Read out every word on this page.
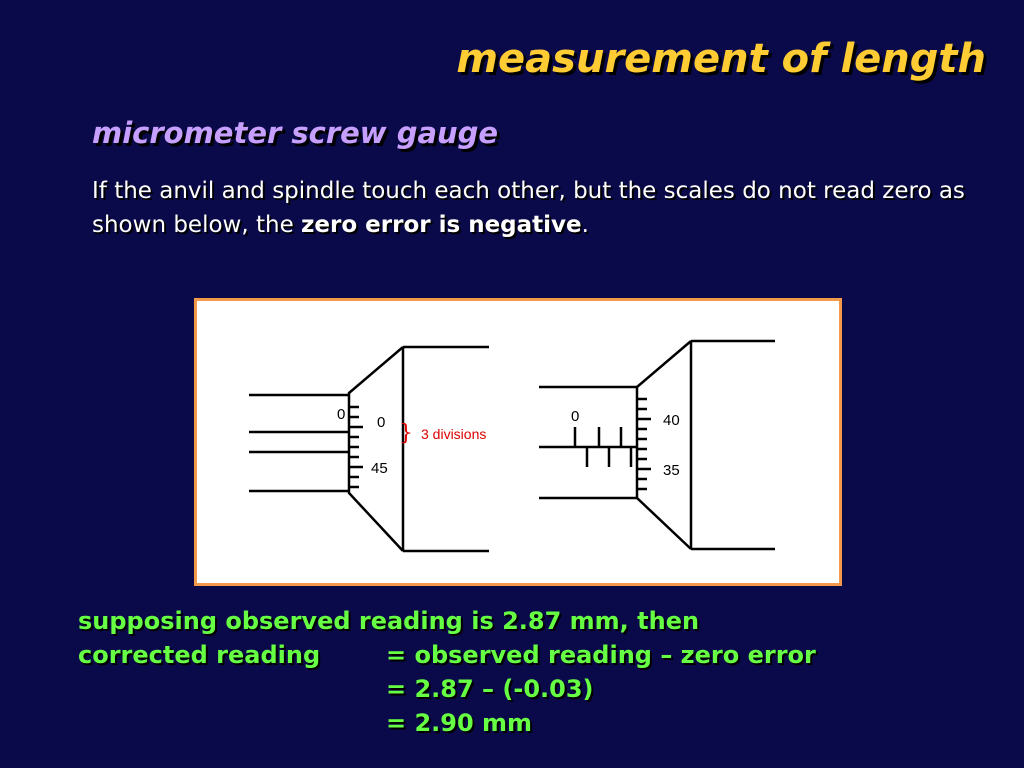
measurement of length
micrometer screw gauge
If the anvil and spindle touch each other, but the scales do not read zero as shown below, the zero error is negative.
0 0
45
} 3 divisions
0	40
35
supposing observed reading is 2.87 mm, then
corrected reading	= observed reading – zero error
= 2.87 – (-0.03)
= 2.90 mm
